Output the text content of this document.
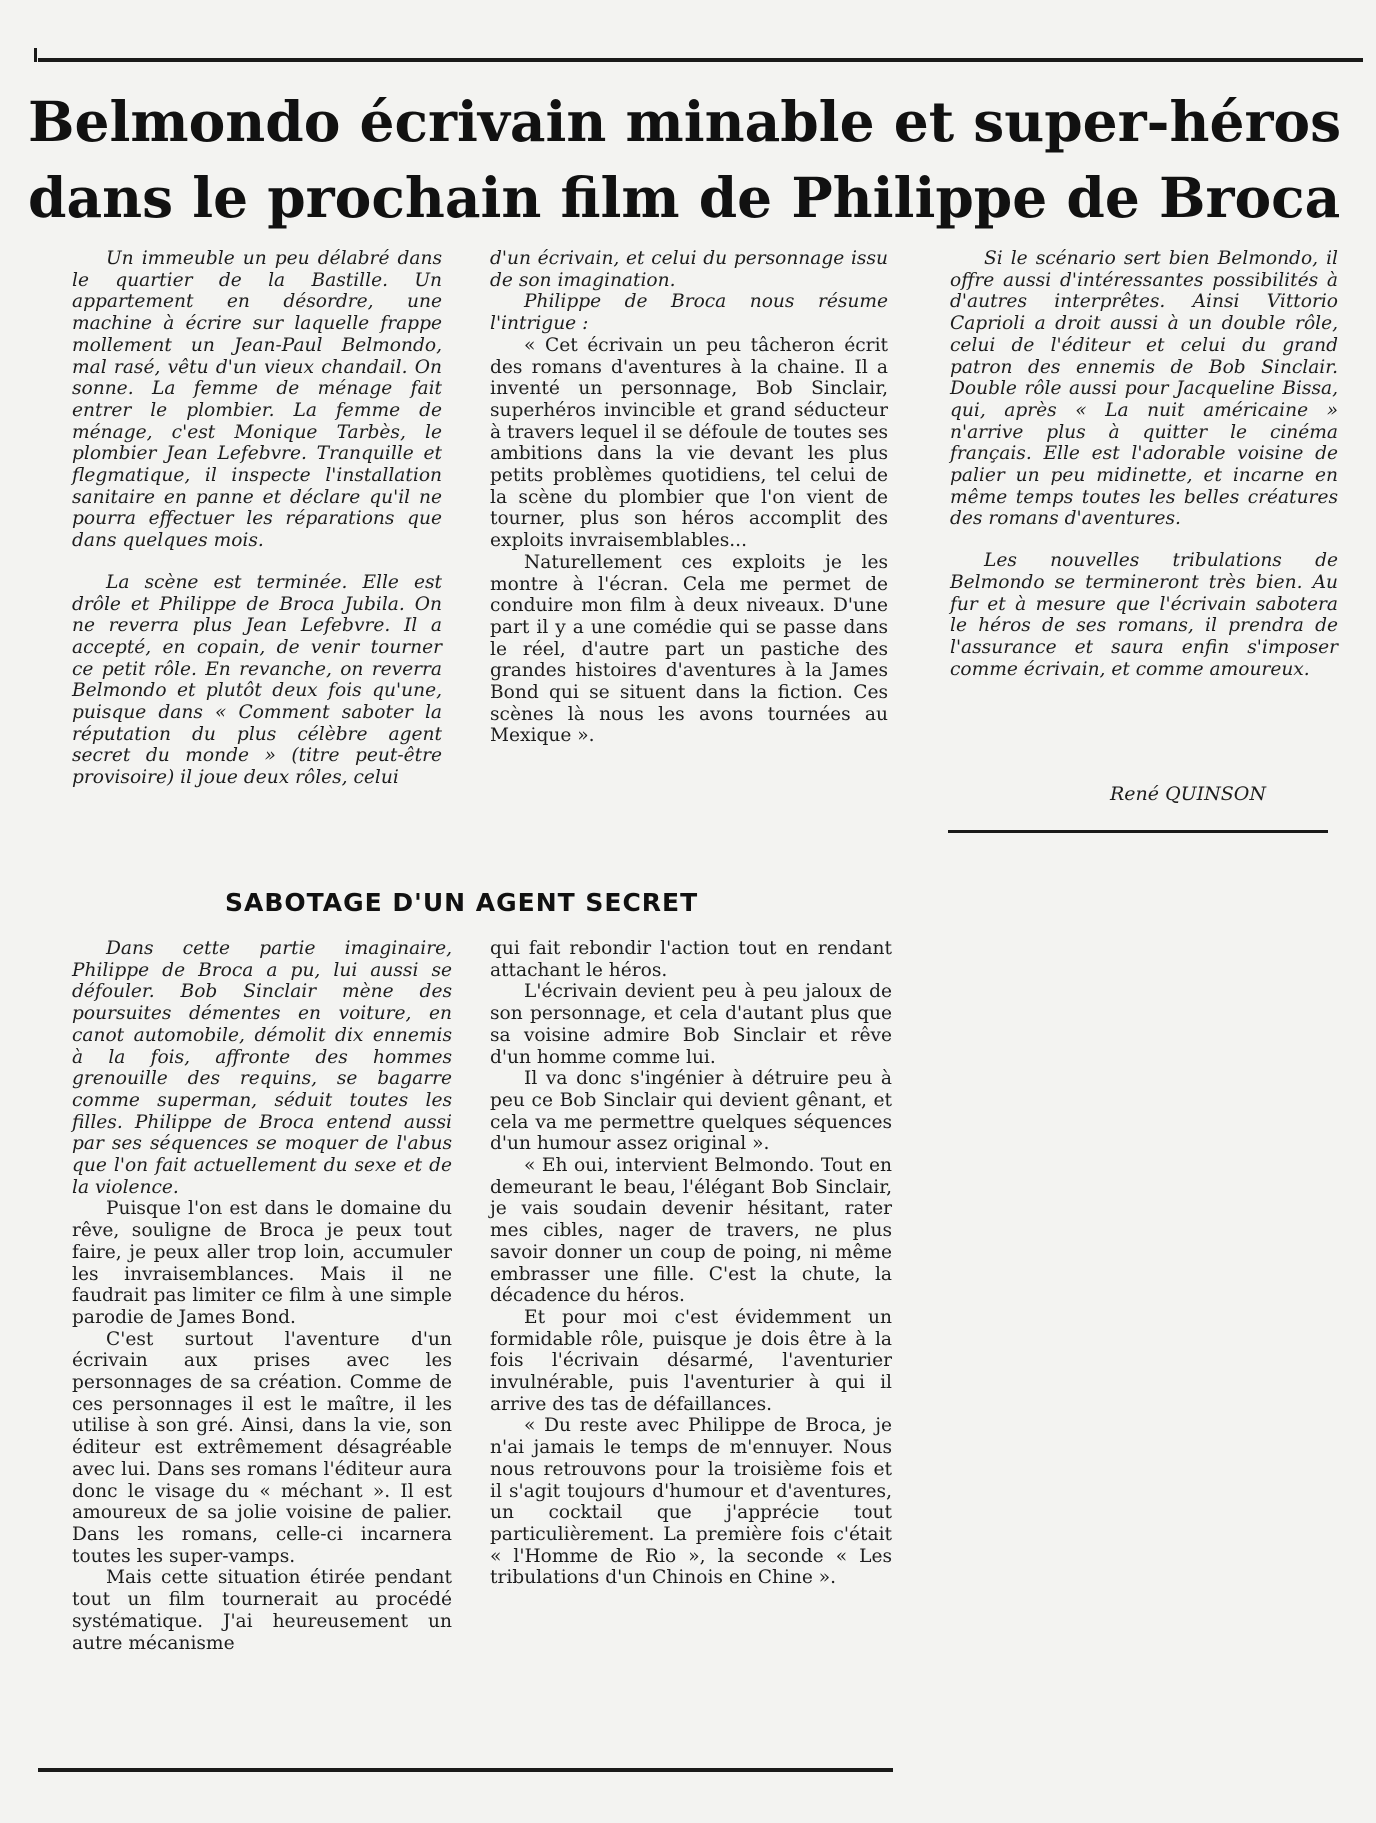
Belmondo écrivain minable et super-héros
dans le prochain film de Philippe de Broca

Un immeuble un peu délabré dans le quartier de la Bastille. Un appartement en désordre, une machine à écrire sur laquelle frappe mollement un Jean-Paul Belmondo, mal rasé, vêtu d'un vieux chandail. On sonne. La femme de ménage fait entrer le plombier. La femme de ménage, c'est Monique Tarbès, le plombier Jean Lefebvre. Tranquille et flegmatique, il inspecte l'installation sanitaire en panne et déclare qu'il ne pourra effectuer les réparations que dans quelques mois.

La scène est terminée. Elle est drôle et Philippe de Broca Jubila. On ne reverra plus Jean Lefebvre. Il a accepté, en copain, de venir tourner ce petit rôle. En revanche, on reverra Belmondo et plutôt deux fois qu'une, puisque dans « Comment saboter la réputation du plus célèbre agent secret du monde » (titre peut-être provisoire) il joue deux rôles, celui

d'un écrivain, et celui du personnage issu de son imagination.

Philippe de Broca nous résume l'intrigue :

« Cet écrivain un peu tâcheron écrit des romans d'aventures à la chaine. Il a inventé un personnage, Bob Sinclair, superhéros invincible et grand séducteur à travers lequel il se défoule de toutes ses ambitions dans la vie devant les plus petits problèmes quotidiens, tel celui de la scène du plombier que l'on vient de tourner, plus son héros accomplit des exploits invraisemblables...

Naturellement ces exploits je les montre à l'écran. Cela me permet de conduire mon film à deux niveaux. D'une part il y a une comédie qui se passe dans le réel, d'autre part un pastiche des grandes histoires d'aventures à la James Bond qui se situent dans la fiction. Ces scènes là nous les avons tournées au Mexique ».

Si le scénario sert bien Belmondo, il offre aussi d'intéressantes possibilités à d'autres interprêtes. Ainsi Vittorio Caprioli a droit aussi à un double rôle, celui de l'éditeur et celui du grand patron des ennemis de Bob Sinclair. Double rôle aussi pour Jacqueline Bissa, qui, après « La nuit américaine » n'arrive plus à quitter le cinéma français. Elle est l'adorable voisine de palier un peu midinette, et incarne en même temps toutes les belles créatures des romans d'aventures.

Les nouvelles tribulations de Belmondo se termineront très bien. Au fur et à mesure que l'écrivain sabotera le héros de ses romans, il prendra de l'assurance et saura enfin s'imposer comme écrivain, et comme amoureux.

René QUINSON

SABOTAGE D'UN AGENT SECRET

Dans cette partie imaginaire, Philippe de Broca a pu, lui aussi se défouler. Bob Sinclair mène des poursuites démentes en voiture, en canot automobile, démolit dix ennemis à la fois, affronte des hommes grenouille des requins, se bagarre comme superman, séduit toutes les filles. Philippe de Broca entend aussi par ses séquences se moquer de l'abus que l'on fait actuellement du sexe et de la violence.

Puisque l'on est dans le domaine du rêve, souligne de Broca je peux tout faire, je peux aller trop loin, accumuler les invraisemblances. Mais il ne faudrait pas limiter ce film à une simple parodie de James Bond.

C'est surtout l'aventure d'un écrivain aux prises avec les personnages de sa création. Comme de ces personnages il est le maître, il les utilise à son gré. Ainsi, dans la vie, son éditeur est extrêmement désagréable avec lui. Dans ses romans l'éditeur aura donc le visage du « méchant ». Il est amoureux de sa jolie voisine de palier. Dans les romans, celle-ci incarnera toutes les super-vamps.

Mais cette situation étirée pendant tout un film tournerait au procédé systématique. J'ai heureusement un autre mécanisme

qui fait rebondir l'action tout en rendant attachant le héros.

L'écrivain devient peu à peu jaloux de son personnage, et cela d'autant plus que sa voisine admire Bob Sinclair et rêve d'un homme comme lui.

Il va donc s'ingénier à détruire peu à peu ce Bob Sinclair qui devient gênant, et cela va me permettre quelques séquences d'un humour assez original ».

« Eh oui, intervient Belmondo. Tout en demeurant le beau, l'élégant Bob Sinclair, je vais soudain devenir hésitant, rater mes cibles, nager de travers, ne plus savoir donner un coup de poing, ni même embrasser une fille. C'est la chute, la décadence du héros.

Et pour moi c'est évidemment un formidable rôle, puisque je dois être à la fois l'écrivain désarmé, l'aventurier invulnérable, puis l'aventurier à qui il arrive des tas de défaillances.

« Du reste avec Philippe de Broca, je n'ai jamais le temps de m'ennuyer. Nous nous retrouvons pour la troisième fois et il s'agit toujours d'humour et d'aventures, un cocktail que j'apprécie tout particulièrement. La première fois c'était « l'Homme de Rio », la seconde « Les tribulations d'un Chinois en Chine ».
